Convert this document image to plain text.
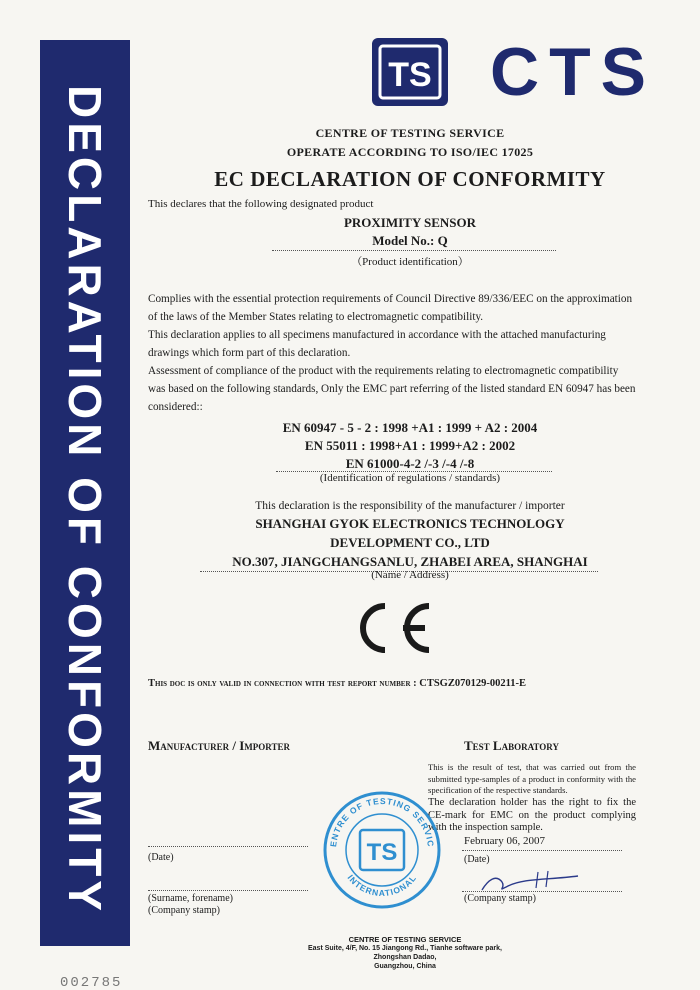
DECLARATION OF CONFORMITY
TS CTS
CENTRE OF TESTING SERVICE
OPERATE ACCORDING TO ISO/IEC 17025
EC DECLARATION OF CONFORMITY
This declares that the following designated product
PROXIMITY SENSOR
Model No.: Q
（Product identification）

Complies with the essential protection requirements of Council Directive 89/336/EEC on the approximation of the laws of the Member States relating to electromagnetic compatibility.

This declaration applies to all specimens manufactured in accordance with the attached manufacturing drawings which form part of this declaration.

Assessment of compliance of the product with the requirements relating to electromagnetic compatibility was based on the following standards, Only the EMC part referring of the listed standard EN 60947 has been considered::

EN 60947 - 5 - 2 : 1998 +A1 : 1999 + A2 : 2004
EN 55011 : 1998+A1 : 1999+A2 : 2002
EN 61000-4-2 /-3 /-4 /-8
(Identification of regulations / standards)
This declaration is the responsibility of the manufacturer / importer
SHANGHAI GYOK ELECTRONICS TECHNOLOGY
DEVELOPMENT CO., LTD
NO.307, JIANGCHANGSANLU, ZHABEI AREA, SHANGHAI
(Name / Address)
This doc is only valid in connection with test report number : CTSGZ070129-00211-E
Manufacturer / Importer
(Date)
(Surname, forename)
(Company stamp)
Test Laboratory
This is the result of test, that was carried out from the submitted type-samples of a product in conformity with the specification of the respective standards.
The declaration holder has the right to fix the CE-mark for EMC on the product complying with the inspection sample.
February 06, 2007
(Date)
(Company stamp)
ENTRE OF TESTING SERVIC
INTERNATIONAL
TS
CENTRE OF TESTING SERVICE
East Suite, 4/F, No. 15 Jiangong Rd., Tianhe software park, Zhongshan Dadao,
Guangzhou, China
002785
